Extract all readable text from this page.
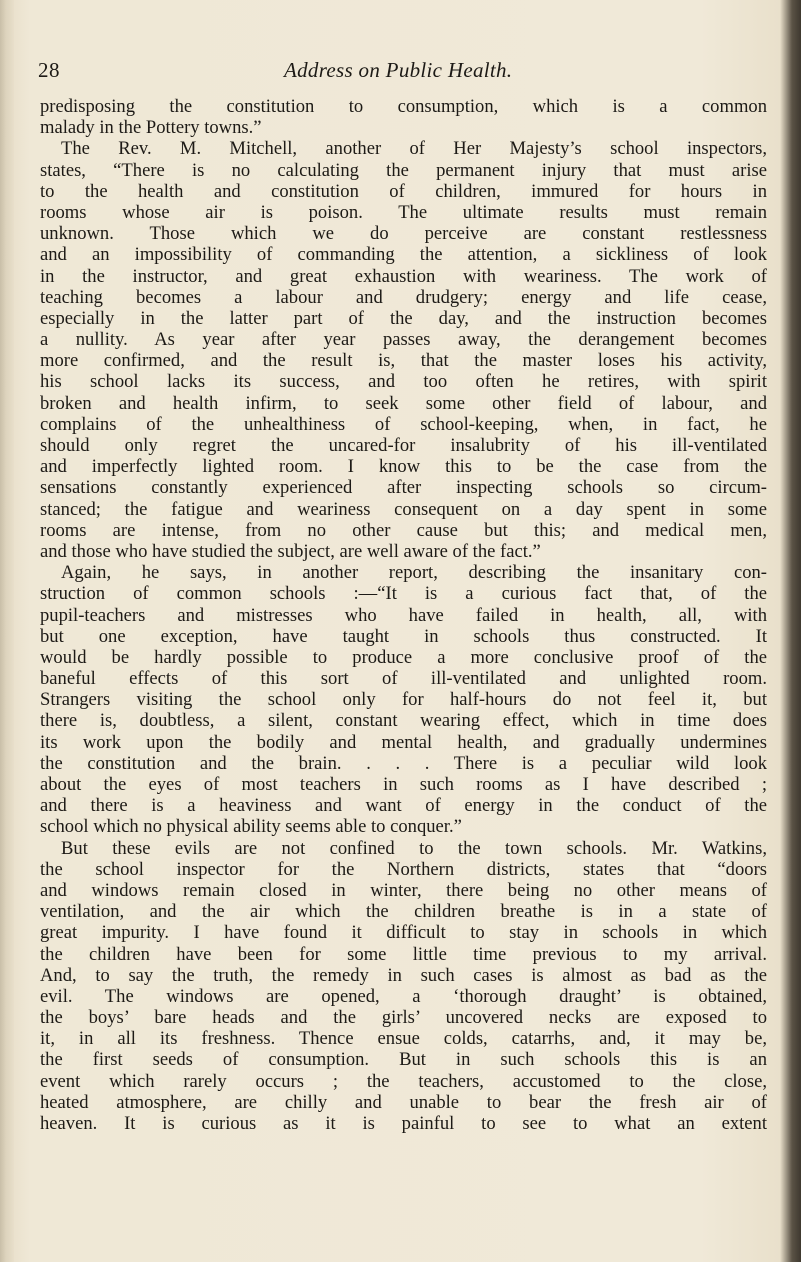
28	Address on Public Health.
predisposing the constitution to consumption, which is a common
malady in the Pottery towns.”
The Rev. M. Mitchell, another of Her Majesty’s school inspectors,
states, “There is no calculating the permanent injury that must arise
to the health and constitution of children, immured for hours in
rooms whose air is poison. The ultimate results must remain
unknown. Those which we do perceive are constant restlessness
and an impossibility of commanding the attention, a sickliness of look
in the instructor, and great exhaustion with weariness. The work of
teaching becomes a labour and drudgery; energy and life cease,
especially in the latter part of the day, and the instruction becomes
a nullity. As year after year passes away, the derangement becomes
more confirmed, and the result is, that the master loses his activity,
his school lacks its success, and too often he retires, with spirit
broken and health infirm, to seek some other field of labour, and
complains of the unhealthiness of school-keeping, when, in fact, he
should only regret the uncared-for insalubrity of his ill-ventilated
and imperfectly lighted room. I know this to be the case from the
sensations constantly experienced after inspecting schools so circum-
stanced; the fatigue and weariness consequent on a day spent in some
rooms are intense, from no other cause but this; and medical men,
and those who have studied the subject, are well aware of the fact.”
Again, he says, in another report, describing the insanitary con-
struction of common schools :—“It is a curious fact that, of the
pupil-teachers and mistresses who have failed in health, all, with
but one exception, have taught in schools thus constructed. It
would be hardly possible to produce a more conclusive proof of the
baneful effects of this sort of ill-ventilated and unlighted room.
Strangers visiting the school only for half-hours do not feel it, but
there is, doubtless, a silent, constant wearing effect, which in time does
its work upon the bodily and mental health, and gradually undermines
the constitution and the brain. . . . There is a peculiar wild look
about the eyes of most teachers in such rooms as I have described ;
and there is a heaviness and want of energy in the conduct of the
school which no physical ability seems able to conquer.”
But these evils are not confined to the town schools. Mr. Watkins,
the school inspector for the Northern districts, states that “doors
and windows remain closed in winter, there being no other means of
ventilation, and the air which the children breathe is in a state of
great impurity. I have found it difficult to stay in schools in which
the children have been for some little time previous to my arrival.
And, to say the truth, the remedy in such cases is almost as bad as the
evil. The windows are opened, a ‘thorough draught’ is obtained,
the boys’ bare heads and the girls’ uncovered necks are exposed to
it, in all its freshness. Thence ensue colds, catarrhs, and, it may be,
the first seeds of consumption. But in such schools this is an
event which rarely occurs ; the teachers, accustomed to the close,
heated atmosphere, are chilly and unable to bear the fresh air of
heaven. It is curious as it is painful to see to what an extent
